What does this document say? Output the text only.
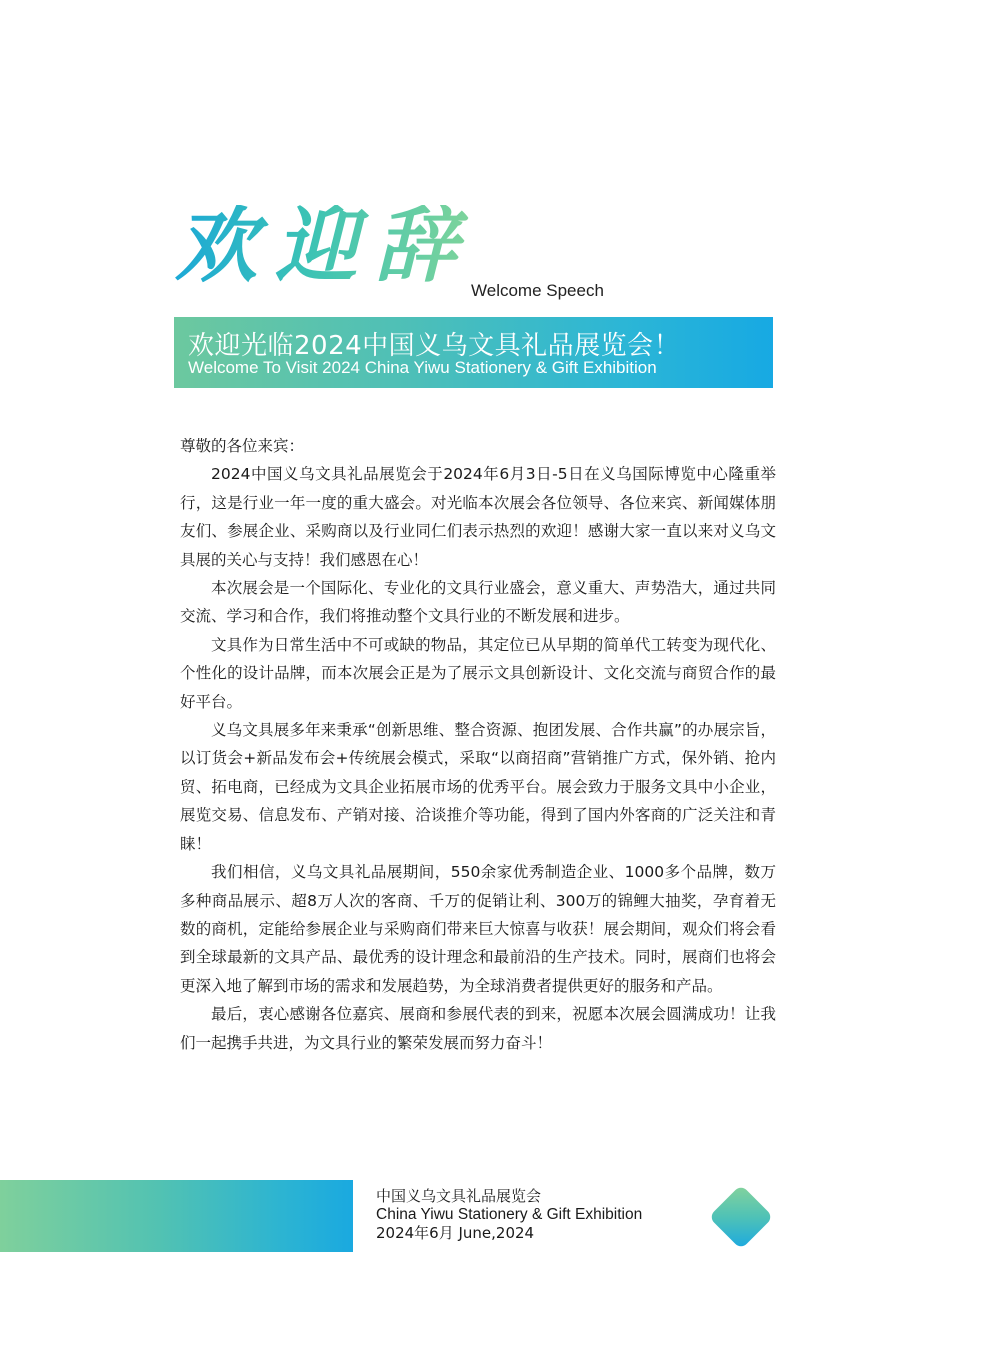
欢迎辞
Welcome Speech
欢迎光临2024中国义乌文具礼品展览会！
Welcome To Visit 2024 China Yiwu Stationery & Gift Exhibition

尊敬的各位来宾：

2024中国义乌文具礼品展览会于2024年6月3日-5日在义乌国际博览中心隆重举行，这是行业一年一度的重大盛会。对光临本次展会各位领导、各位来宾、新闻媒体朋友们、参展企业、采购商以及行业同仁们表示热烈的欢迎！感谢大家一直以来对义乌文具展的关心与支持！我们感恩在心！

本次展会是一个国际化、专业化的文具行业盛会，意义重大、声势浩大，通过共同交流、学习和合作，我们将推动整个文具行业的不断发展和进步。

文具作为日常生活中不可或缺的物品，其定位已从早期的简单代工转变为现代化、个性化的设计品牌，而本次展会正是为了展示文具创新设计、文化交流与商贸合作的最好平台。

义乌文具展多年来秉承“创新思维、整合资源、抱团发展、合作共赢”的办展宗旨，以订货会+新品发布会+传统展会模式，采取“以商招商”营销推广方式，保外销、抢内贸、拓电商，已经成为文具企业拓展市场的优秀平台。展会致力于服务文具中小企业，展览交易、信息发布、产销对接、洽谈推介等功能，得到了国内外客商的广泛关注和青睐！

我们相信，义乌文具礼品展期间，550余家优秀制造企业、1000多个品牌，数万多种商品展示、超8万人次的客商、千万的促销让利、300万的锦鲤大抽奖，孕育着无数的商机，定能给参展企业与采购商们带来巨大惊喜与收获！展会期间，观众们将会看到全球最新的文具产品、最优秀的设计理念和最前沿的生产技术。同时，展商们也将会更深入地了解到市场的需求和发展趋势，为全球消费者提供更好的服务和产品。

最后，衷心感谢各位嘉宾、展商和参展代表的到来，祝愿本次展会圆满成功！让我们一起携手共进，为文具行业的繁荣发展而努力奋斗！

中国义乌文具礼品展览会
China Yiwu Stationery & Gift Exhibition
2024年6月 June,2024
